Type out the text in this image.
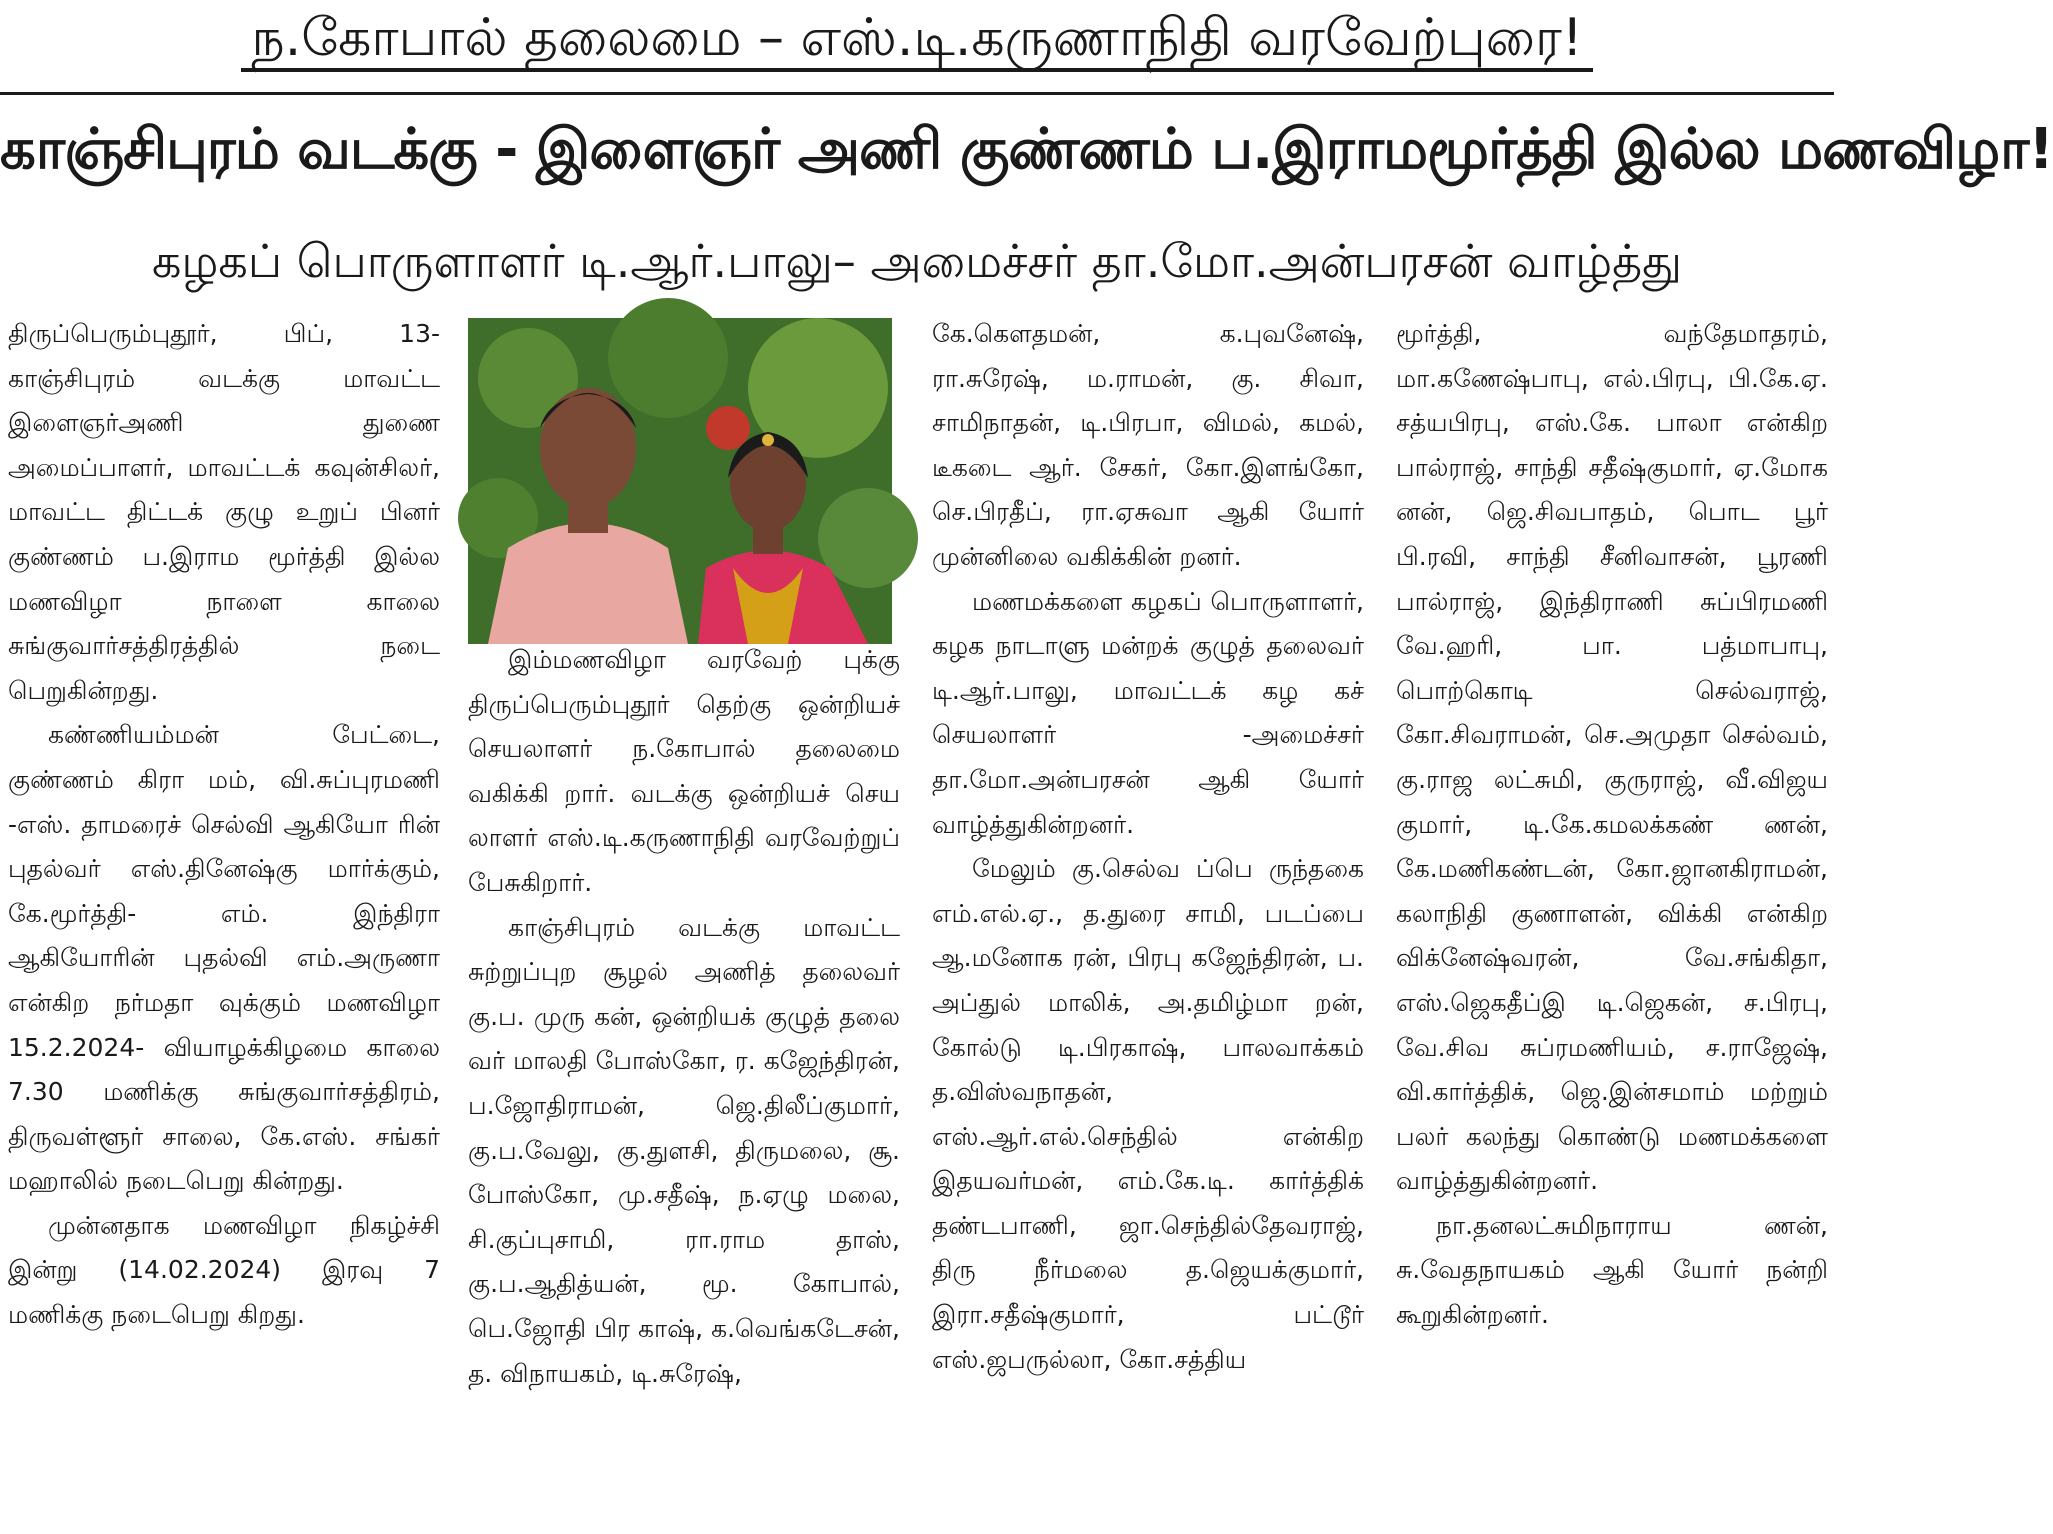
ந.கோபால் தலைமை – எஸ்.டி.கருணாநிதி வரவேற்புரை!
காஞ்சிபுரம் வடக்கு - இளைஞர் அணி குண்ணம் ப.இராமமூர்த்தி இல்ல மணவிழா!
கழகப் பொருளாளர் டி.ஆர்.பாலு– அமைச்சர் தா.மோ.அன்பரசன் வாழ்த்து

திருப்பெரும்புதூர், பிப், 13- காஞ்சிபுரம் வடக்கு மாவட்ட இளைஞர்அணி துணை அமைப்பாளர், மாவட்டக் கவுன்சிலர், மாவட்ட திட்டக் குழு உறுப் பினர் குண்ணம் ப.இராம மூர்த்தி இல்ல மணவிழா நாளை காலை சுங்குவார்சத்திரத்தில் நடை பெறுகின்றது.

கண்ணியம்மன் பேட்டை, குண்ணம் கிரா மம், வி.சுப்புரமணி -எஸ். தாமரைச் செல்வி ஆகியோ ரின் புதல்வர் எஸ்.தினேஷ்கு மார்க்கும், கே.மூர்த்தி- எம். இந்திரா ஆகியோரின் புதல்வி எம்.அருணா என்கிற நர்மதா வுக்கும் மணவிழா 15.2.2024- வியாழக்கிழமை காலை 7.30 மணிக்கு சுங்குவார்சத்திரம், திருவள்ளூர் சாலை, கே.எஸ். சங்கர் மஹாலில் நடைபெறு கின்றது.

முன்னதாக மணவிழா நிகழ்ச்சி இன்று (14.02.2024) இரவு 7 மணிக்கு நடைபெறு கிறது.

இம்மணவிழா வரவேற் புக்கு திருப்பெரும்புதூர் தெற்கு ஒன்றியச் செயலாளர் ந.கோபால் தலைமை வகிக்கி றார். வடக்கு ஒன்றியச் செய லாளர் எஸ்.டி.கருணாநிதி வரவேற்றுப் பேசுகிறார்.

காஞ்சிபுரம் வடக்கு மாவட்ட சுற்றுப்புற சூழல் அணித் தலைவர் கு.ப. முரு கன், ஒன்றியக் குழுத் தலை வர் மாலதி போஸ்கோ, ர. கஜேந்திரன், ப.ஜோதிராமன், ஜெ.திலீப்குமார், கு.ப.வேலு, கு.துளசி, திருமலை, சூ. போஸ்கோ, மு.சதீஷ், ந.ஏழு மலை, சி.குப்புசாமி, ரா.ராம தாஸ், கு.ப.ஆதித்யன், மூ. கோபால், பெ.ஜோதி பிர காஷ், க.வெங்கடேசன், த. விநாயகம், டி.சுரேஷ்,

கே.கௌதமன், க.புவனேஷ், ரா.சுரேஷ், ம.ராமன், கு. சிவா, சாமிநாதன், டி.பிரபா, விமல், கமல், டீகடை ஆர். சேகர், கோ.இளங்கோ, செ.பிரதீப், ரா.ஏசுவா ஆகி யோர் முன்னிலை வகிக்கின் றனர்.

மணமக்களை கழகப் பொருளாளர், கழக நாடாளு மன்றக் குழுத் தலைவர் டி.ஆர்.பாலு, மாவட்டக் கழ கச் செயலாளர் -அமைச்சர் தா.மோ.அன்பரசன் ஆகி யோர் வாழ்த்துகின்றனர்.

மேலும் கு.செல்வ ப்பெ ருந்தகை எம்.எல்.ஏ., த.துரை சாமி, படப்பை ஆ.மனோக ரன், பிரபு கஜேந்திரன், ப. அப்துல் மாலிக், அ.தமிழ்மா றன், கோல்டு டி.பிரகாஷ், பாலவாக்கம் த.விஸ்வநாதன், எஸ்.ஆர்.எல்.செந்தில் என்கிற இதயவர்மன், எம்.கே.டி. கார்த்திக் தண்டபாணி, ஜா.செந்தில்தேவராஜ், திரு நீர்மலை த.ஜெயக்குமார், இரா.சதீஷ்குமார், பட்டூர் எஸ்.ஜபருல்லா, கோ.சத்திய

மூர்த்தி, வந்தேமாதரம், மா.கணேஷ்பாபு, எல்.பிரபு, பி.கே.ஏ. சத்யபிரபு, எஸ்.கே. பாலா என்கிற பால்ராஜ், சாந்தி சதீஷ்குமார், ஏ.மோக னன், ஜெ.சிவபாதம், பொட பூர் பி.ரவி, சாந்தி சீனிவாசன், பூரணி பால்ராஜ், இந்திராணி சுப்பிரமணி வே.ஹரி, பா. பத்மாபாபு, பொற்கொடி செல்வராஜ், கோ.சிவராமன், செ.அமுதா செல்வம், கு.ராஜ லட்சுமி, குருராஜ், வீ.விஜய குமார், டி.கே.கமலக்கண் ணன், கே.மணிகண்டன், கோ.ஜானகிராமன், கலாநிதி குணாளன், விக்கி என்கிற விக்னேஷ்வரன், வே.சங்கிதா, எஸ்.ஜெகதீப்இ டி.ஜெகன், ச.பிரபு, வே.சிவ சுப்ரமணியம், ச.ராஜேஷ், வி.கார்த்திக், ஜெ.இன்சமாம் மற்றும் பலர் கலந்து கொண்டு மணமக்களை வாழ்த்துகின்றனர்.

நா.தனலட்சுமிநாராய ணன், சு.வேதநாயகம் ஆகி யோர் நன்றி கூறுகின்றனர்.
